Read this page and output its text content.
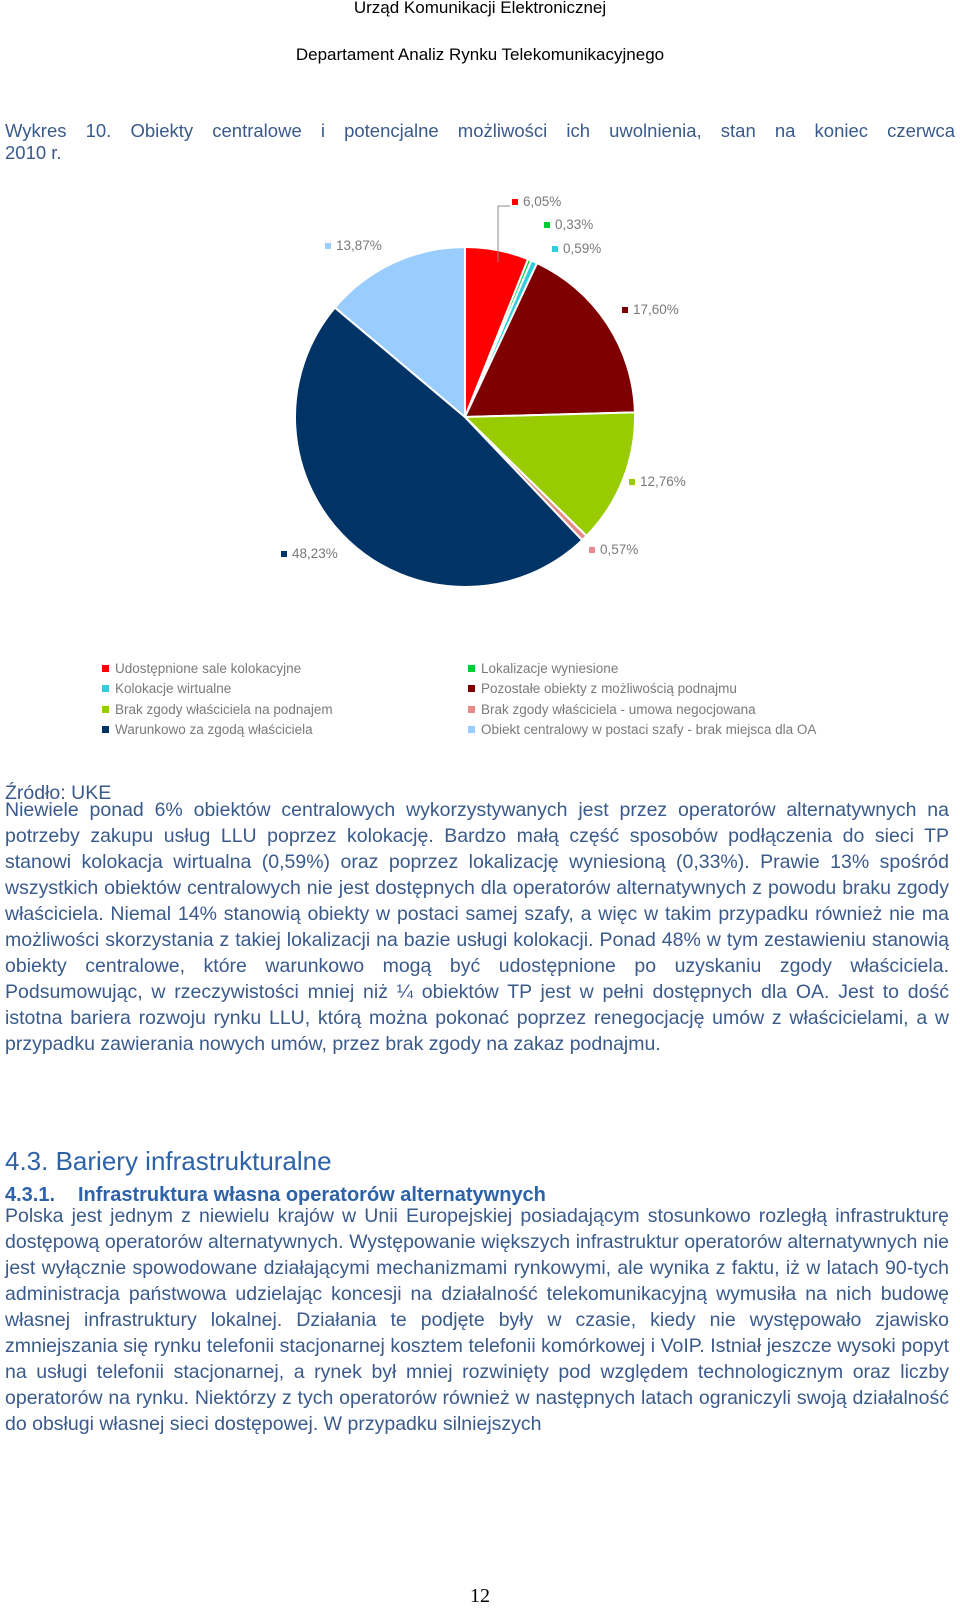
Urząd Komunikacji Elektronicznej
Departament Analiz Rynku Telekomunikacyjnego
Wykres 10. Obiekty centralowe i potencjalne możliwości ich uwolnienia, stan na koniec czerwca
2010 r.
6,05%
0,33%
0,59%
17,60%
12,76%
0,57%
48,23%
13,87%
Udostępnione sale kolokacyjne
Kolokacje wirtualne
Brak zgody właściciela na podnajem
Warunkowo za zgodą właściciela
Lokalizacje wyniesione
Pozostałe obiekty z możliwością podnajmu
Brak zgody właściciela - umowa negocjowana
Obiekt centralowy w postaci szafy - brak miejsca dla OA
Źródło: UKE

Niewiele ponad 6% obiektów centralowych wykorzystywanych jest przez operatorów alternatywnych na potrzeby zakupu usług LLU poprzez kolokację. Bardzo małą część sposobów podłączenia do sieci TP stanowi kolokacja wirtualna (0,59%) oraz poprzez lokalizację wyniesioną (0,33%). Prawie 13% spośród wszystkich obiektów centralowych nie jest dostępnych dla operatorów alternatywnych z powodu braku zgody właściciela. Niemal 14% stanowią obiekty w postaci samej szafy, a więc w takim przypadku również nie ma możliwości skorzystania z takiej lokalizacji na bazie usługi kolokacji. Ponad 48% w tym zestawieniu stanowią obiekty centralowe, które warunkowo mogą być udostępnione po uzyskaniu zgody właściciela. Podsumowując, w rzeczywistości mniej niż ¼ obiektów TP jest w pełni dostępnych dla OA. Jest to dość istotna bariera rozwoju rynku LLU, którą można pokonać poprzez renegocjację umów z właścicielami, a w przypadku zawierania nowych umów, przez brak zgody na zakaz podnajmu.

4.3. Bariery infrastrukturalne
4.3.1. Infrastruktura własna operatorów alternatywnych

Polska jest jednym z niewielu krajów w Unii Europejskiej posiadającym stosunkowo rozległą infrastrukturę dostępową operatorów alternatywnych. Występowanie większych infrastruktur operatorów alternatywnych nie jest wyłącznie spowodowane działającymi mechanizmami rynkowymi, ale wynika z faktu, iż w latach 90-tych administracja państwowa udzielając koncesji na działalność telekomunikacyjną wymusiła na nich budowę własnej infrastruktury lokalnej. Działania te podjęte były w czasie, kiedy nie występowało zjawisko zmniejszania się rynku telefonii stacjonarnej kosztem telefonii komórkowej i VoIP. Istniał jeszcze wysoki popyt na usługi telefonii stacjonarnej, a rynek był mniej rozwinięty pod względem technologicznym oraz liczby operatorów na rynku. Niektórzy z tych operatorów również w następnych latach ograniczyli swoją działalność do obsługi własnej sieci dostępowej. W przypadku silniejszych

12
